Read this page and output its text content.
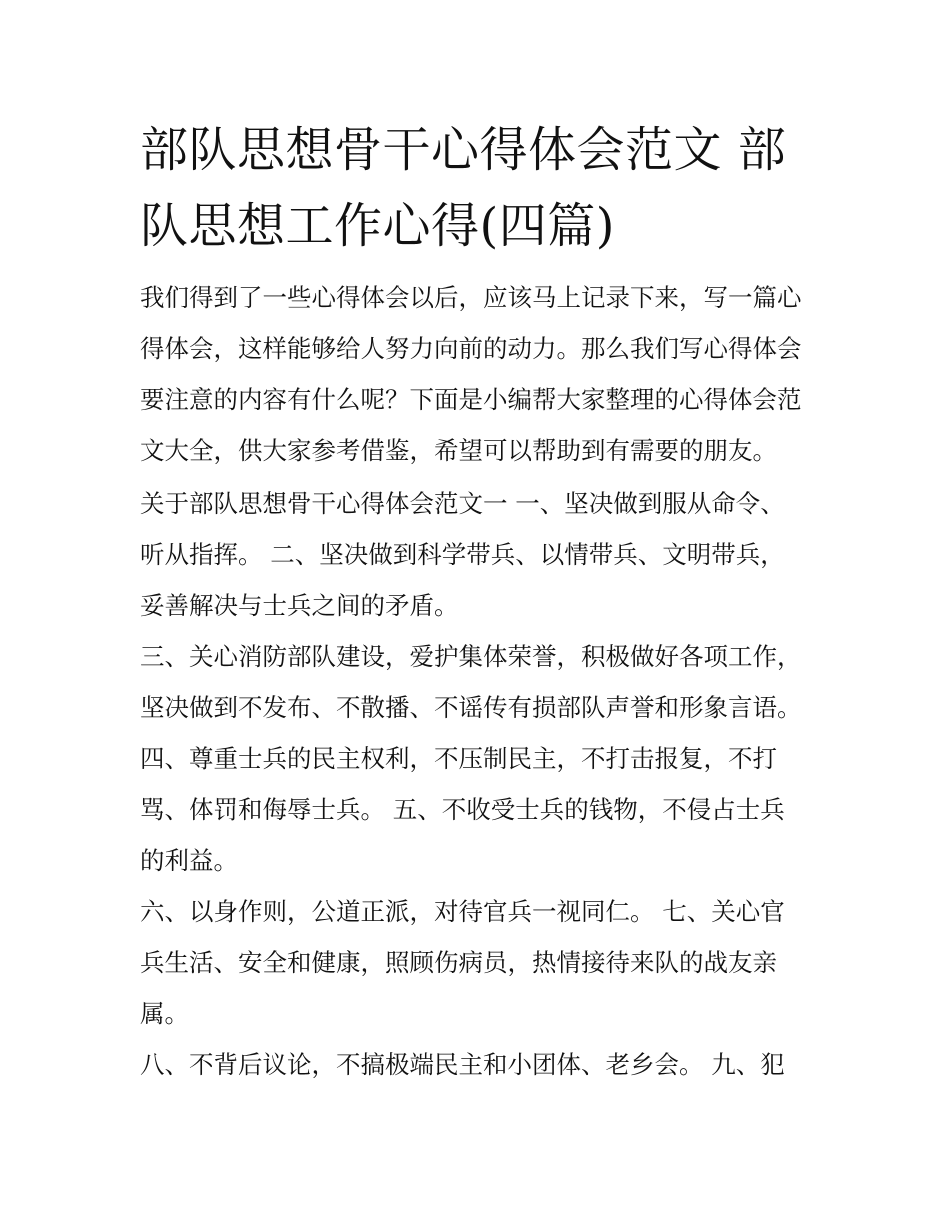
部队思想骨干心得体会范文 部队思想工作心得(四篇)

我们得到了一些心得体会以后，应该马上记录下来，写一篇心

得体会，这样能够给人努力向前的动力。那么我们写心得体会

要注意的内容有什么呢？下面是小编帮大家整理的心得体会范

文大全，供大家参考借鉴，希望可以帮助到有需要的朋友。

关于部队思想骨干心得体会范文一 一、坚决做到服从命令、

听从指挥。 二、坚决做到科学带兵、以情带兵、文明带兵，

妥善解决与士兵之间的矛盾。

三、关心消防部队建设，爱护集体荣誉，积极做好各项工作，

坚决做到不发布、不散播、不谣传有损部队声誉和形象言语。

四、尊重士兵的民主权利，不压制民主，不打击报复，不打

骂、体罚和侮辱士兵。 五、不收受士兵的钱物，不侵占士兵

的利益。

六、以身作则，公道正派，对待官兵一视同仁。 七、关心官

兵生活、安全和健康，照顾伤病员，热情接待来队的战友亲

属。

八、不背后议论，不搞极端民主和小团体、老乡会。 九、犯
